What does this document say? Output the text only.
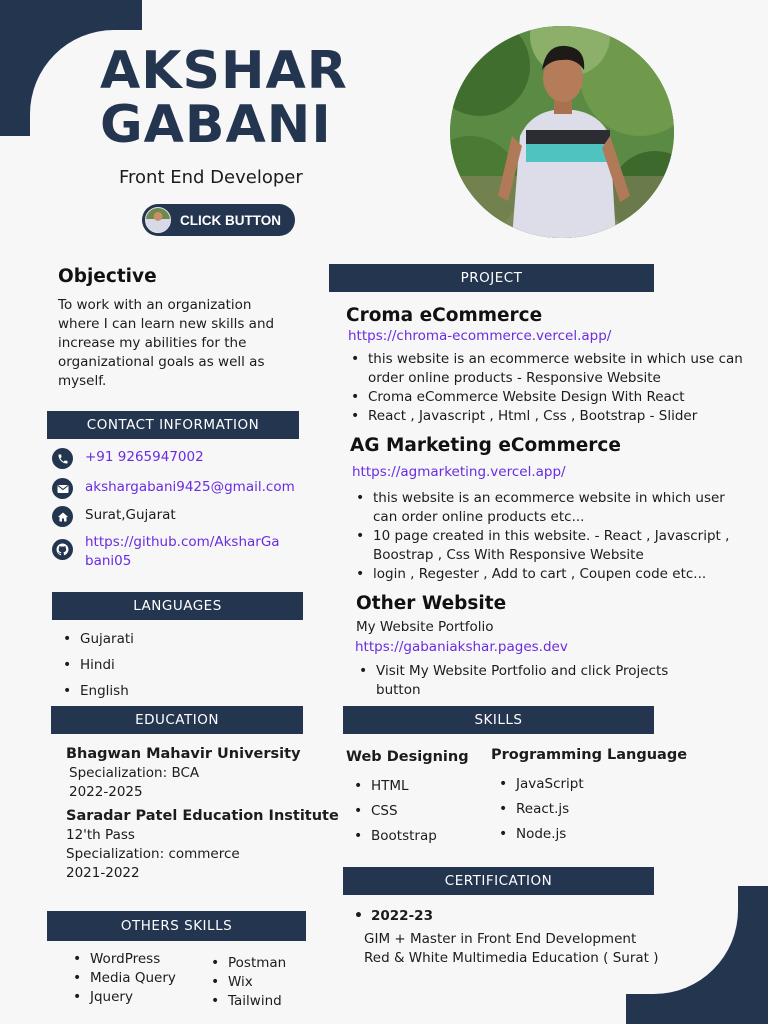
AKSHAR
GABANI
Front End Developer
CLICK BUTTON
Objective
To work with an organization where I can learn new skills and increase my abilities for the organizational goals as well as myself.
CONTACT INFORMATION
+91 9265947002
akshargabani9425@gmail.com
Surat,Gujarat
https://github.com/AksharGa
bani05
LANGUAGES
• Gujarati
• Hindi
• English
EDUCATION
Bhagwan Mahavir University
Specialization: BCA
2022-2025
Saradar Patel Education Institute
12'th Pass
Specialization: commerce
2021-2022
OTHERS SKILLS
• WordPress
• Media Query
• Jquery
• Postman
• Wix
• Tailwind
PROJECT
Croma eCommerce
https://chroma-ecommerce.vercel.app/
• this website is an ecommerce website in which use can order online products - Responsive Website
• Croma eCommerce Website Design With React
• React , Javascript , Html , Css , Bootstrap - Slider
AG Marketing eCommerce
https://agmarketing.vercel.app/
• this website is an ecommerce website in which user can order online products etc...
• 10 page created in this website. - React , Javascript , Boostrap , Css With Responsive Website
• login , Regester , Add to cart , Coupen code etc...
Other Website
My Website Portfolio
https://gabaniakshar.pages.dev
• Visit My Website Portfolio and click Projects button
SKILLS
Web Designing
• HTML
• CSS
• Bootstrap
Programming Language
• JavaScript
• React.js
• Node.js
CERTIFICATION
• 2022-23
GIM + Master in Front End Development
Red & White Multimedia Education ( Surat )
